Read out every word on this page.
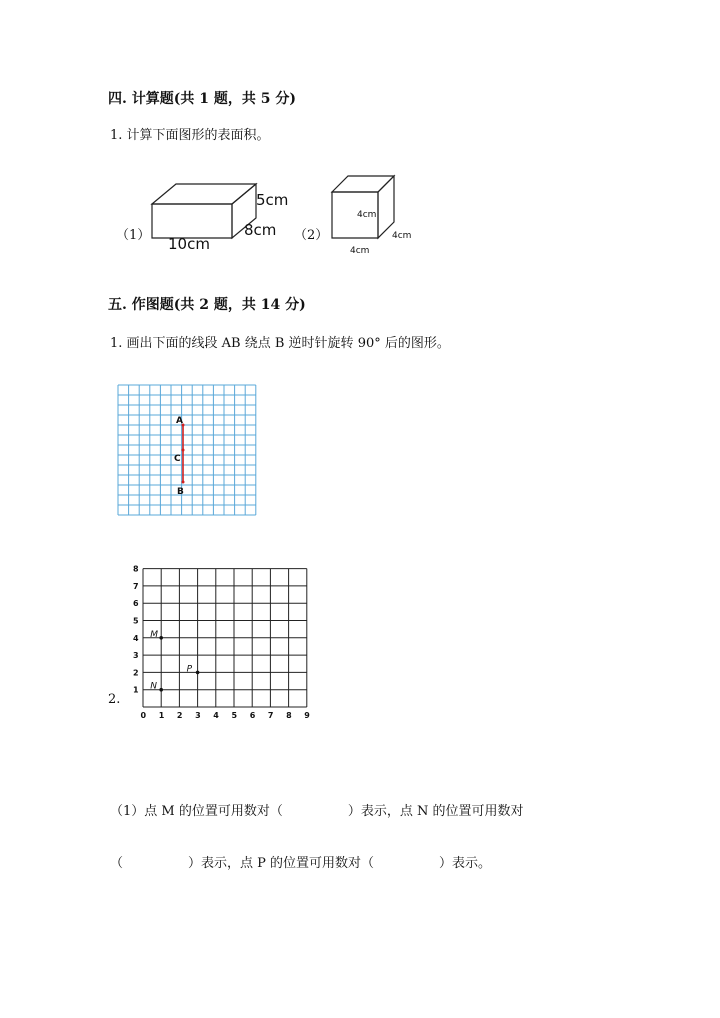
四. 计算题(共 1 题，共 5 分)
1. 计算下面图形的表面积。
（1）
5cm
8cm
10cm	（2）
4cm
4cm
4cm
五. 作图题(共 2 题，共 14 分)
1. 画出下面的线段 AB 绕点 B 逆时针旋转 90° 后的图形。
A
C
B
2.
0 1 2 3 4 5 6 7 8 9
1
2
3
4
5
6
7
8
M
P
N
（1）点 M 的位置可用数对（　　　　　）表示，点 N 的位置可用数对
（　　　　　）表示，点 P 的位置可用数对（　　　　　）表示。
